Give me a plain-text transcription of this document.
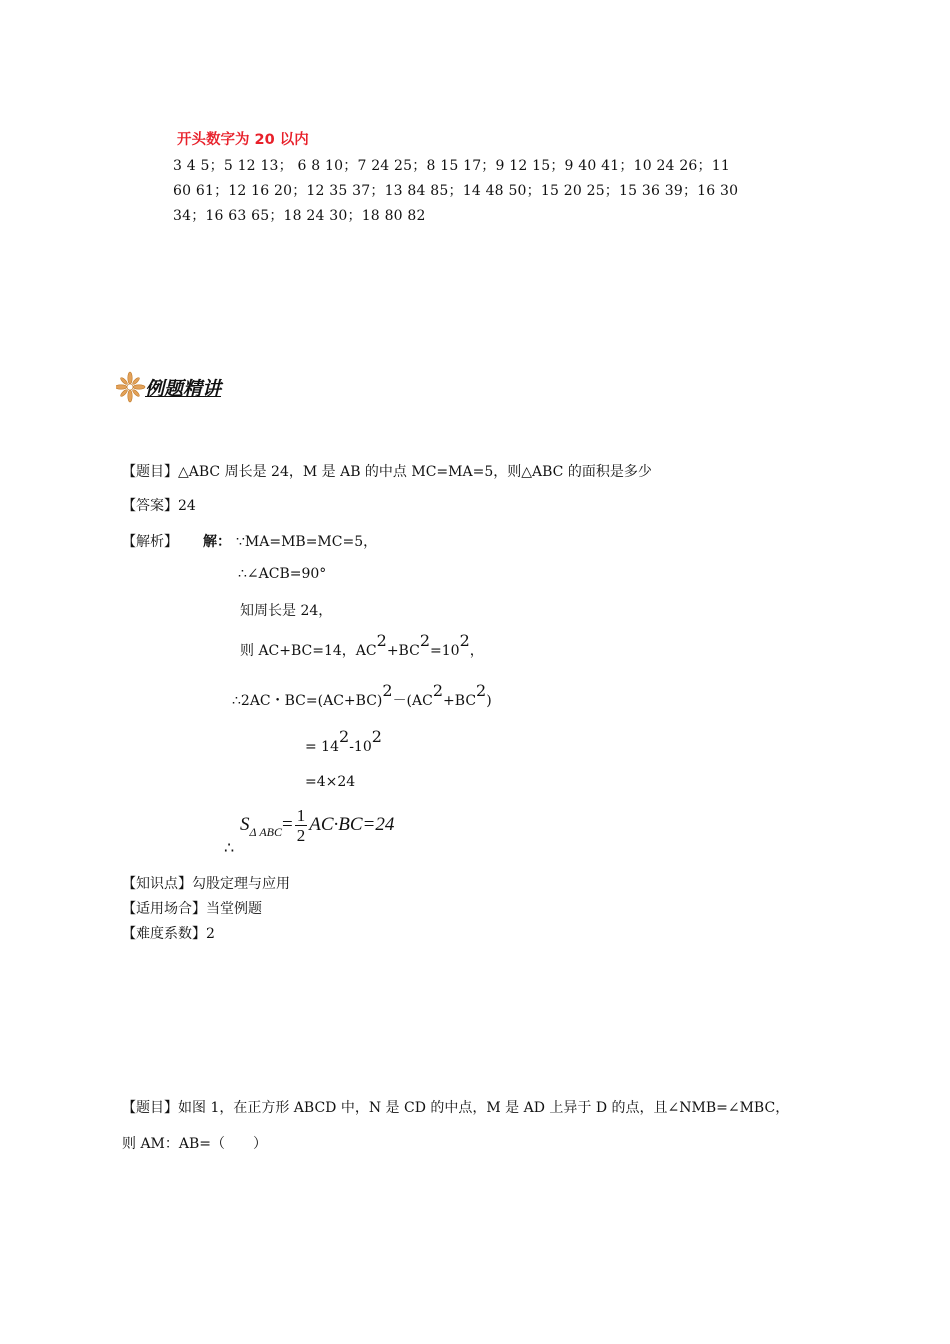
开头数字为 20 以内
3 4 5；5 12 13； 6 8 10；7 24 25；8 15 17；9 12 15；9 40 41；10 24 26；11
60 61；12 16 20；12 35 37；13 84 85；14 48 50；15 20 25；15 36 39；16 30
34；16 63 65；18 24 30；18 80 82
例题精讲
【题目】△ABC 周长是 24，M 是 AB 的中点 MC=MA=5，则△ABC 的面积是多少
【答案】24
【解析】 解： ∵MA=MB=MC=5，
∴∠ACB=90°
知周长是 24，
则 AC+BC=14，$AC^2+BC^2=10^2$，
∴2AC・$BC=(AC+BC)^2-(AC^2+BC^2)$
= $14^2-10^2$
=4×24
∴
$S_{\Delta ABC}= \frac{1}{2} AC\cdot BC=24$
【知识点】勾股定理与应用
【适用场合】当堂例题
【难度系数】2
【题目】如图 1，在正方形 ABCD 中，N 是 CD 的中点，M 是 AD 上异于 D 的点，且∠NMB=∠MBC，
则 AM：AB=（　　）
